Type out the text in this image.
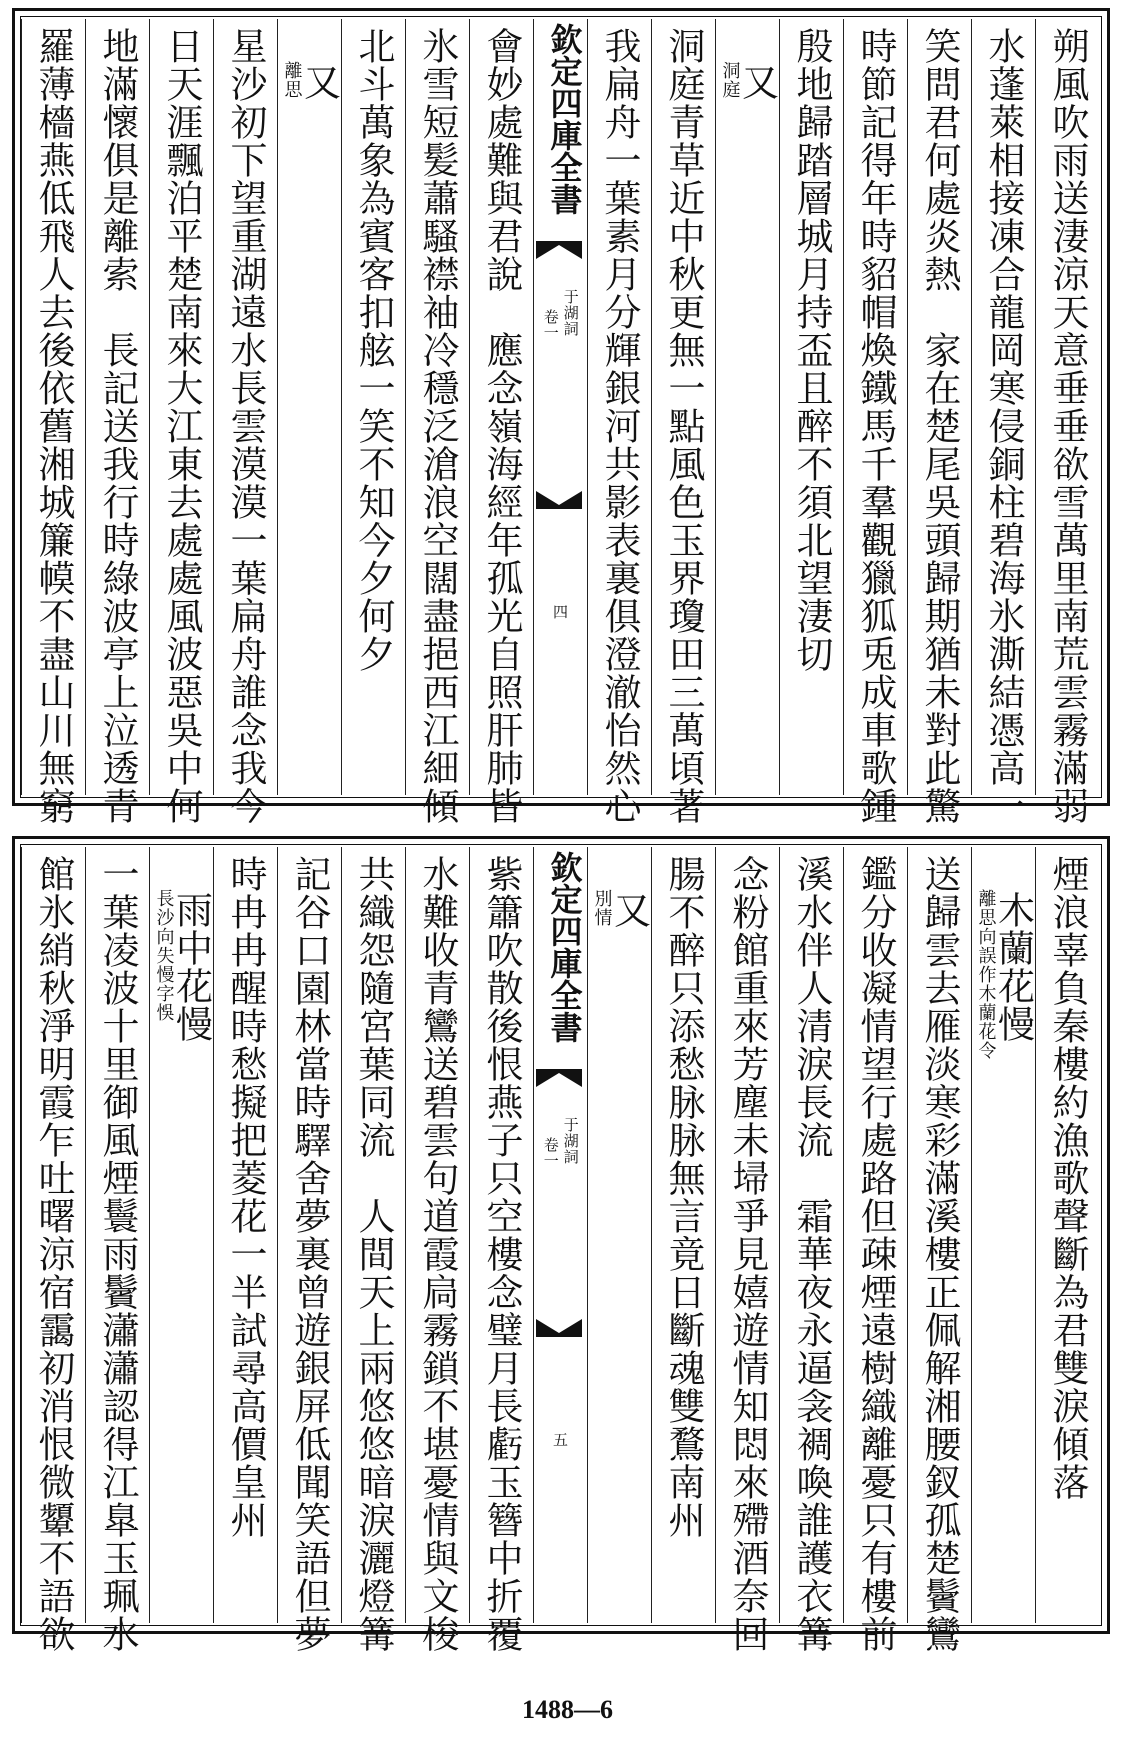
朔風吹雨送淒涼天意垂垂欲雪萬里南荒雲霧滿弱
水蓬萊相接凍合龍岡寒侵銅柱碧海氷澌結憑高一
笑問君何處炎熱　家在楚尾吳頭歸期猶未對此驚
時節記得年時貂帽煥鐵馬千羣觀獵狐兎成車歌鍾
殷地歸踏層城月持盃且醉不須北望淒切
又
洞庭
洞庭青草近中秋更無一點風色玉界瓊田三萬頃著
我扁舟一葉素月分輝銀河共影表裏俱澄澈怡然心
欽定四庫全書
卷一 于湖詞
四
會妙處難與君說　應念嶺海經年孤光自照肝肺皆
氷雪短髪蕭騷襟袖冷穩泛滄浪空闊盡挹西江細傾
北斗萬象為賓客扣舷一笑不知今夕何夕
又
離思
星沙初下望重湖遠水長雲漠漠一葉扁舟誰念我今
日天涯飄泊平楚南來大江東去處處風波惡吳中何
地滿懷俱是離索　長記送我行時綠波亭上泣透青
羅薄檣燕低飛人去後依舊湘城簾幙不盡山川無窮
煙浪辜負秦樓約漁歌聲斷為君雙淚傾落
木蘭花慢
離思向誤作木蘭花令
送歸雲去雁淡寒彩滿溪樓正佩解湘腰釵孤楚鬢鸞
鑑分收凝情望行處路但疎煙遠樹織離憂只有樓前
溪水伴人清淚長流　霜華夜永逼衾裯喚誰護衣篝
念粉館重來芳塵未埽爭見嬉遊情知悶來殢酒奈回
腸不醉只添愁脉脉無言竟日斷魂雙鶩南州
又
別情
欽定四庫全書
卷一 于湖詞
五
紫簫吹散後恨燕子只空樓念璧月長虧玉簪中折覆
水難收青鸞送碧雲句道霞扃霧鎖不堪憂情與文梭
共織怨隨宮葉同流　人間天上兩悠悠暗淚灑燈篝
記谷口園林當時驛舍夢裏曾遊銀屏低聞笑語但夢
時冉冉醒時愁擬把菱花一半試尋高價皇州
雨中花慢
長沙向失慢字悞
一葉凌波十里御風煙鬟雨鬢瀟瀟認得江臯玉珮水
館氷綃秋淨明霞乍吐曙涼宿靄初消恨微顰不語欲
1488—6
